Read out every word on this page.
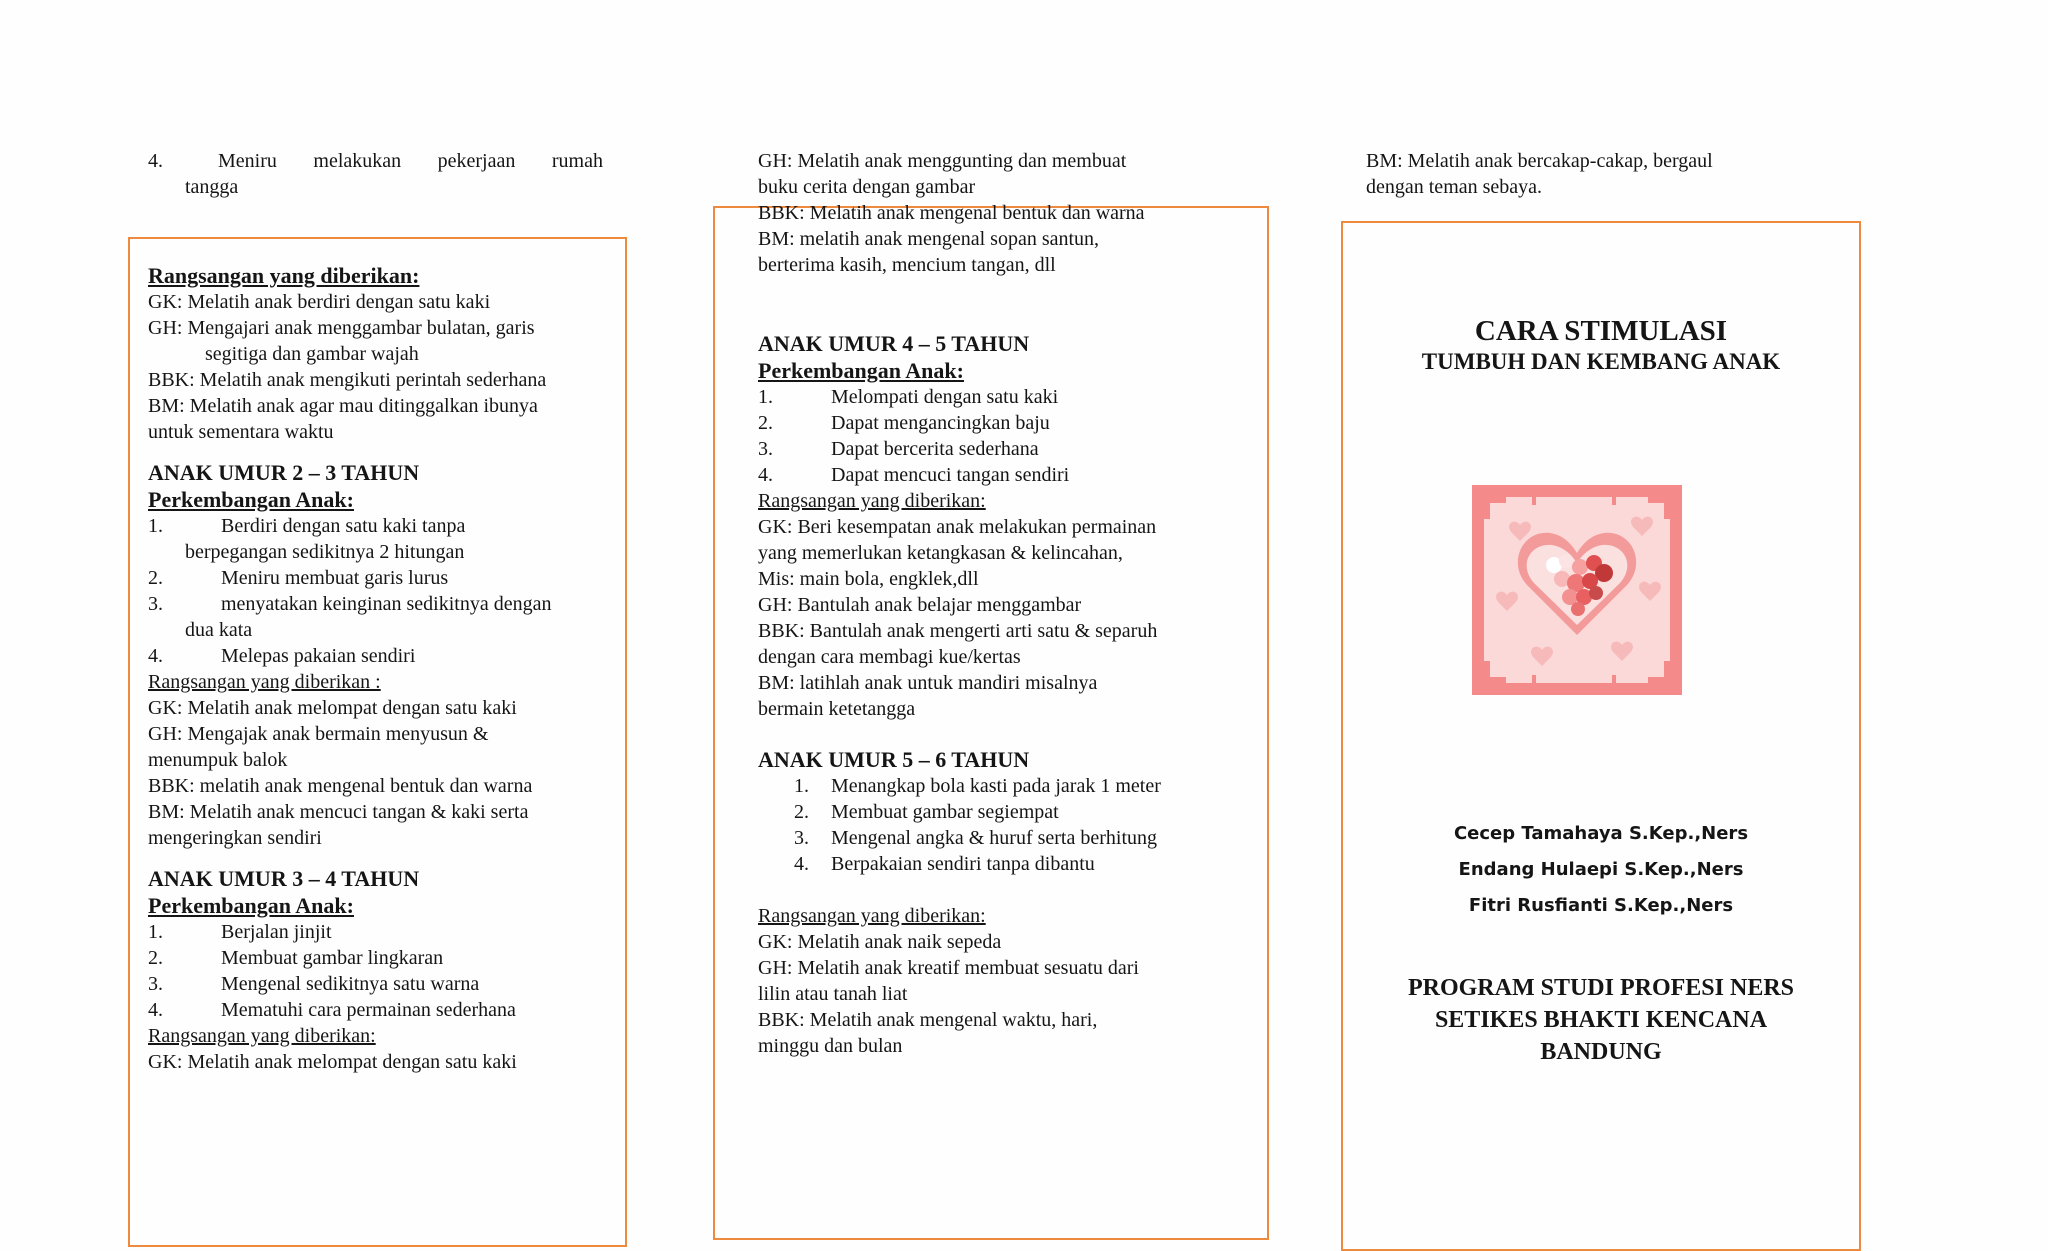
4.	Meniru melakukan pekerjaan rumah
tangga

Rangsangan yang diberikan:

GK: Melatih anak berdiri dengan satu kaki

GH: Mengajari anak menggambar bulatan, garis

segitiga dan gambar wajah

BBK: Melatih anak mengikuti perintah sederhana

BM: Melatih anak agar mau ditinggalkan ibunya

untuk sementara waktu

ANAK UMUR 2 – 3 TAHUN

Perkembangan Anak:

1.	Berdiri dengan satu kaki tanpa
berpegangan sedikitnya 2 hitungan
2.	Meniru membuat garis lurus
3.	menyatakan keinginan sedikitnya dengan
dua kata
4.	Melepas pakaian sendiri

Rangsangan yang diberikan :

GK: Melatih anak melompat dengan satu kaki

GH: Mengajak anak bermain menyusun &

menumpuk balok

BBK: melatih anak mengenal bentuk dan warna

BM: Melatih anak mencuci tangan & kaki serta

mengeringkan sendiri

ANAK UMUR 3 – 4 TAHUN

Perkembangan Anak:

1.	Berjalan jinjit
2.	Membuat gambar lingkaran
3.	Mengenal sedikitnya satu warna
4.	Mematuhi cara permainan sederhana

Rangsangan yang diberikan:

GK: Melatih anak melompat dengan satu kaki

GH: Melatih anak menggunting dan membuat

buku cerita dengan gambar

BBK: Melatih anak mengenal bentuk dan warna

BM: melatih anak mengenal sopan santun,

berterima kasih, mencium tangan, dll

ANAK UMUR 4 – 5 TAHUN

Perkembangan Anak:

1.	Melompati dengan satu kaki
2.	Dapat mengancingkan baju
3.	Dapat bercerita sederhana
4.	Dapat mencuci tangan sendiri

Rangsangan yang diberikan:

GK: Beri kesempatan anak melakukan permainan

yang memerlukan ketangkasan & kelincahan,

Mis: main bola, engklek,dll

GH: Bantulah anak belajar menggambar

BBK: Bantulah anak mengerti arti satu & separuh

dengan cara membagi kue/kertas

BM: latihlah anak untuk mandiri misalnya

bermain ketetangga

ANAK UMUR 5 – 6 TAHUN

1. Menangkap bola kasti pada jarak 1 meter
2. Membuat gambar segiempat
3. Mengenal angka & huruf serta berhitung
4. Berpakaian sendiri tanpa dibantu

Rangsangan yang diberikan:

GK: Melatih anak naik sepeda

GH: Melatih anak kreatif membuat sesuatu dari

lilin atau tanah liat

BBK: Melatih anak mengenal waktu, hari,

minggu dan bulan

BM: Melatih anak bercakap-cakap, bergaul

dengan teman sebaya.

CARA STIMULASI
TUMBUH DAN KEMBANG ANAK
Cecep Tamahaya S.Kep.,Ners
Endang Hulaepi S.Kep.,Ners
Fitri Rusfianti S.Kep.,Ners
PROGRAM STUDI PROFESI NERS
SETIKES BHAKTI KENCANA
BANDUNG
